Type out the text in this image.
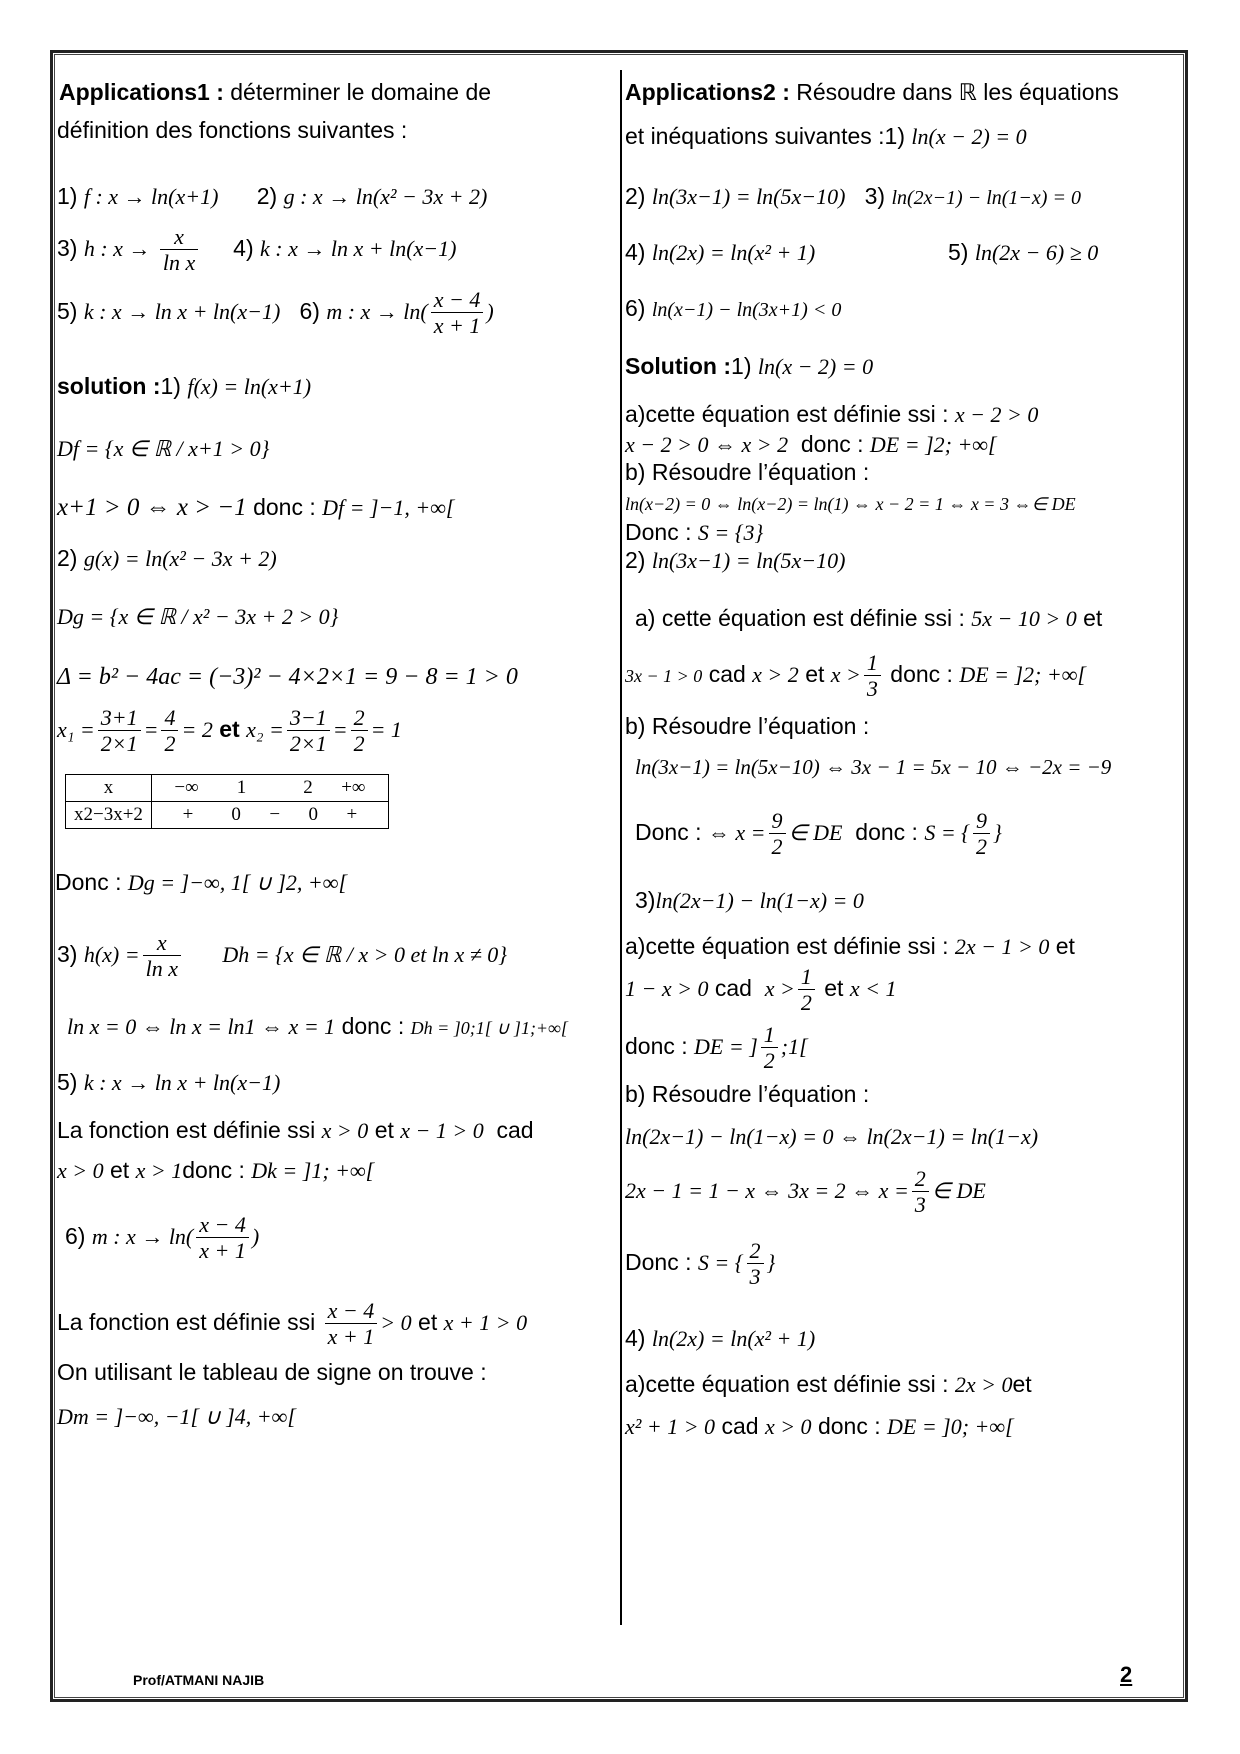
Applications1 : déterminer le domaine de
définition des fonctions suivantes :
1) f : x → ln(x+1) 2) g : x → ln(x² − 3x + 2)
3) h : $x \to \frac{x}{\text{ln x}} 4$) k : x → ln x + ln(x−1)
5) k : x → ln x + ln(x−1) 6) m : $x \to \ln( \frac{x - 4}{x + 1}$ )
solution :1) f(x) = ln(x+1)
Df = {x ∈ ℝ / x+1 > 0}
x+1 > 0 ⇔ x > −1 donc : Df = ]−1, +∞[
2) g(x) = ln(x² − 3x + 2)
Dg = {x ∈ ℝ / x² − 3x + 2 > 0}
Δ = b² − 4ac = (−3)² − 4×2×1 = 9 − 8 = 1 > 0
$x_1 = \frac{3+1}{2\times 1} = \frac{4}{2} = 2$ et $x_2 = \frac{3-1}{2\times 1} = \frac{2}{2} = 1$
x	−∞ 1 2 +∞
x2−3x+2	+ 0 − 0 +
Donc : Dg = ]−∞, 1[ ∪ ]2, +∞[
3) $h(x) = \frac{x}{\text{ln x}}$ Dh = {x ∈ ℝ / x > 0 et ln x ≠ 0}
ln x = 0 ⇔ ln x = ln1 ⇔ x = 1 donc : Dh = ]0;1[ ∪ ]1;+∞[
5) k : x → ln x + ln(x−1)
La fonction est définie ssi x > 0 et x − 1 > 0 cad
x > 0 et x > 1donc : Dk = ]1; +∞[
6) m : $x \to \ln( \frac{x - 4}{x + 1}$ )
La fonction est définie ssi $\frac{x - 4}{x + 1} > 0$ et x + 1 > 0
On utilisant le tableau de signe on trouve :
Dm = ]−∞, −1[ ∪ ]4, +∞[
Applications2 : Résoudre dans ℝ les équations
et inéquations suivantes :1) ln(x − 2) = 0
2) ln(3x−1) = ln(5x−10) 3) ln(2x−1) − ln(1−x) = 0
4) ln(2x) = ln(x² + 1)	5) ln(2x − 6) ≥ 0
6) ln(x−1) − ln(3x+1) < 0
Solution :1) ln(x − 2) = 0
a)cette équation est définie ssi : x − 2 > 0
x − 2 > 0 ⇔ x > 2 donc : DE = ]2; +∞[
b) Résoudre l’équation :
ln(x−2) = 0 ⇔ ln(x−2) = ln(1) ⇔ x − 2 = 1 ⇔ x = 3 ⇔∈ DE
Donc : S = {3}
2) ln(3x−1) = ln(5x−10)
a) cette équation est définie ssi : 5x − 10 > 0 et
3x − 1 > 0 cad x > 2 et $x > \frac{1}{3}$ donc : DE = ]2; +∞[
b) Résoudre l’équation :
ln(3x−1) = ln(5x−10) ⇔ 3x − 1 = 5x − 10 ⇔ −2x = −9
Donc : ⇔ $x = \frac{9}{2}$ ∈ DE donc : S = { $\frac{9}{2}$ }
3)ln(2x−1) − ln(1−x) = 0
a)cette équation est définie ssi : 2x − 1 > 0 et
1 − x > 0 cad $x > \frac{1}{2}$ et x < 1
donc : DE = ] $\frac{1}{2}$ ;1[
b) Résoudre l’équation :
ln(2x−1) − ln(1−x) = 0 ⇔ ln(2x−1) = ln(1−x)
2x − 1 = 1 − x ⇔ 3x = 2 ⇔ $x = \frac{2}{3}$ ∈ DE
Donc : S = { $\frac{2}{3}$ }
4) ln(2x) = ln(x² + 1)
a)cette équation est définie ssi : 2x > 0et
x² + 1 > 0 cad x > 0 donc : DE = ]0; +∞[
Prof/ATMANI NAJIB	2
